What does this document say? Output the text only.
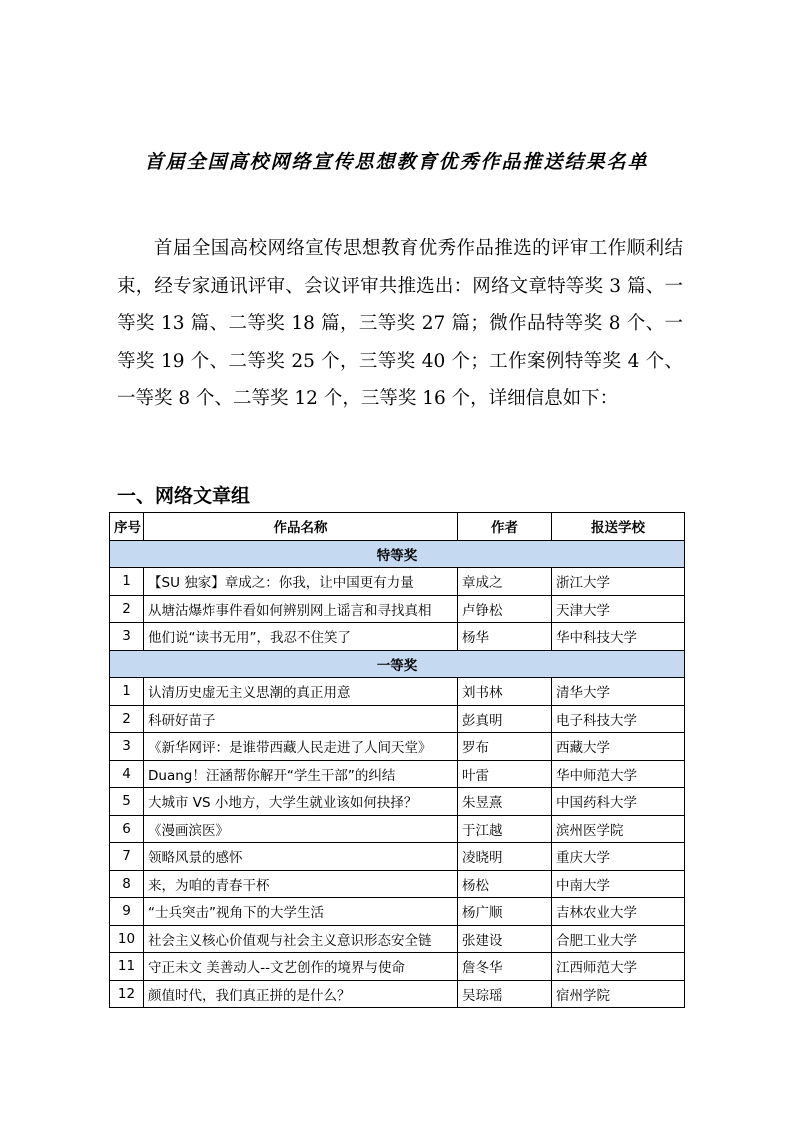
首届全国高校网络宣传思想教育优秀作品推送结果名单

首届全国高校网络宣传思想教育优秀作品推选的评审工作顺利结束，经专家通讯评审、会议评审共推选出：网络文章特等奖 3 篇、一等奖 13 篇、二等奖 18 篇，三等奖 27 篇；微作品特等奖 8 个、一等奖 19 个、二等奖 25 个，三等奖 40 个；工作案例特等奖 4 个、一等奖 8 个、二等奖 12 个，三等奖 16 个，详细信息如下：

一、网络文章组
序号	作品名称	作者	报送学校
特等奖			
1	【SU 独家】章成之：你我，让中国更有力量	章成之	浙江大学
2	从塘沽爆炸事件看如何辨别网上谣言和寻找真相	卢铮松	天津大学
3	他们说“读书无用”，我忍不住笑了	杨华	华中科技大学
一等奖			
1	认清历史虚无主义思潮的真正用意	刘书林	清华大学
2	科研好苗子	彭真明	电子科技大学
3	《新华网评：是谁带西藏人民走进了人间天堂》	罗布	西藏大学
4	Duang！汪涵帮你解开“学生干部”的纠结	叶雷	华中师范大学
5	大城市 VS 小地方，大学生就业该如何抉择？	朱昱熹	中国药科大学
6	《漫画滨医》	于江越	滨州医学院
7	领略风景的感怀	凌晓明	重庆大学
8	来，为咱的青春干杯	杨松	中南大学
9	“士兵突击”视角下的大学生活	杨广顺	吉林农业大学
10	社会主义核心价值观与社会主义意识形态安全链	张建设	合肥工业大学
11	守正未文 美善动人--文艺创作的境界与使命	詹冬华	江西师范大学
12	颜值时代，我们真正拼的是什么？	吴琮瑶	宿州学院
